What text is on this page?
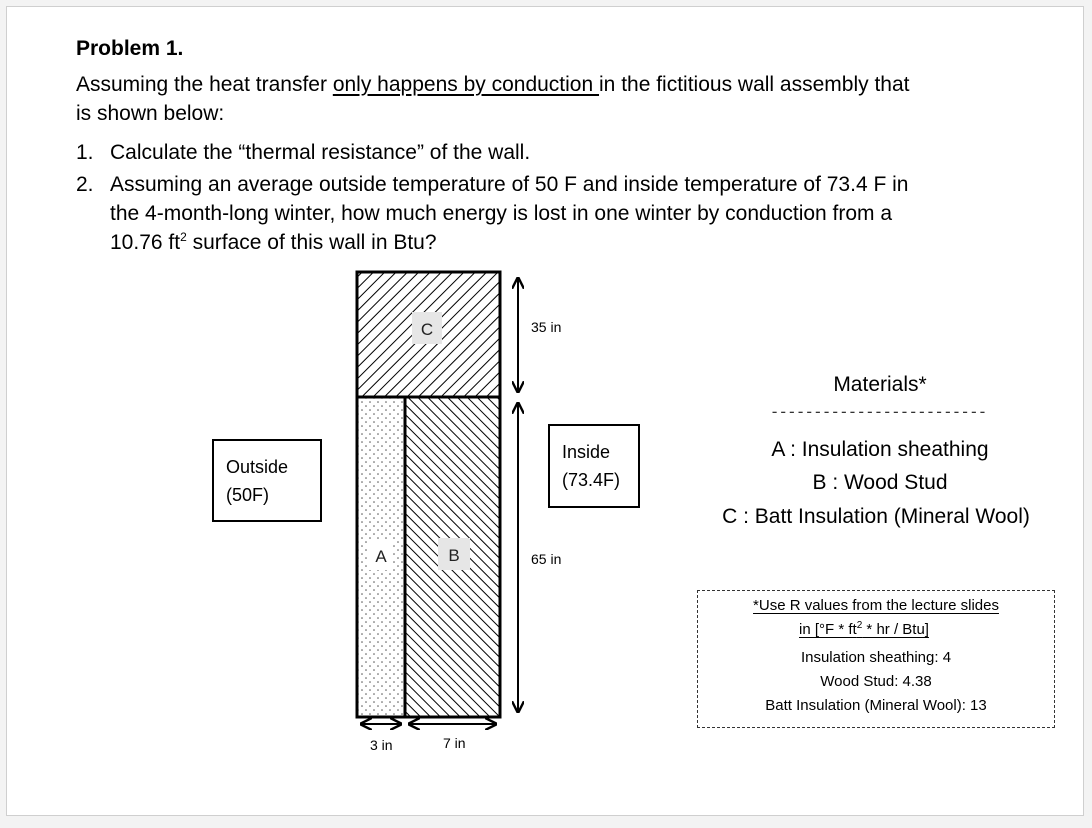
Problem 1.
Assuming the heat transfer only happens by conduction in the fictitious wall assembly that
is shown below:
1. Calculate the “thermal resistance” of the wall.
2. Assuming an average outside temperature of 50 F and inside temperature of 73.4 F in
the 4-month-long winter, how much energy is lost in one winter by conduction from a
10.76 $ft^2$ surface of this wall in Btu?
C
A	B
35 in
65 in
3 in	7 in
Outside
(50F)
Inside
(73.4F)
Materials*
-------------------------
A : Insulation sheathing
B : Wood Stud
C : Batt Insulation (Mineral Wool)
*Use R values from the lecture slides
in [$^\circ F * ft^2$ * hr / Btu]
Insulation sheathing: 4
Wood Stud: 4.38
Batt Insulation (Mineral Wool): 13
